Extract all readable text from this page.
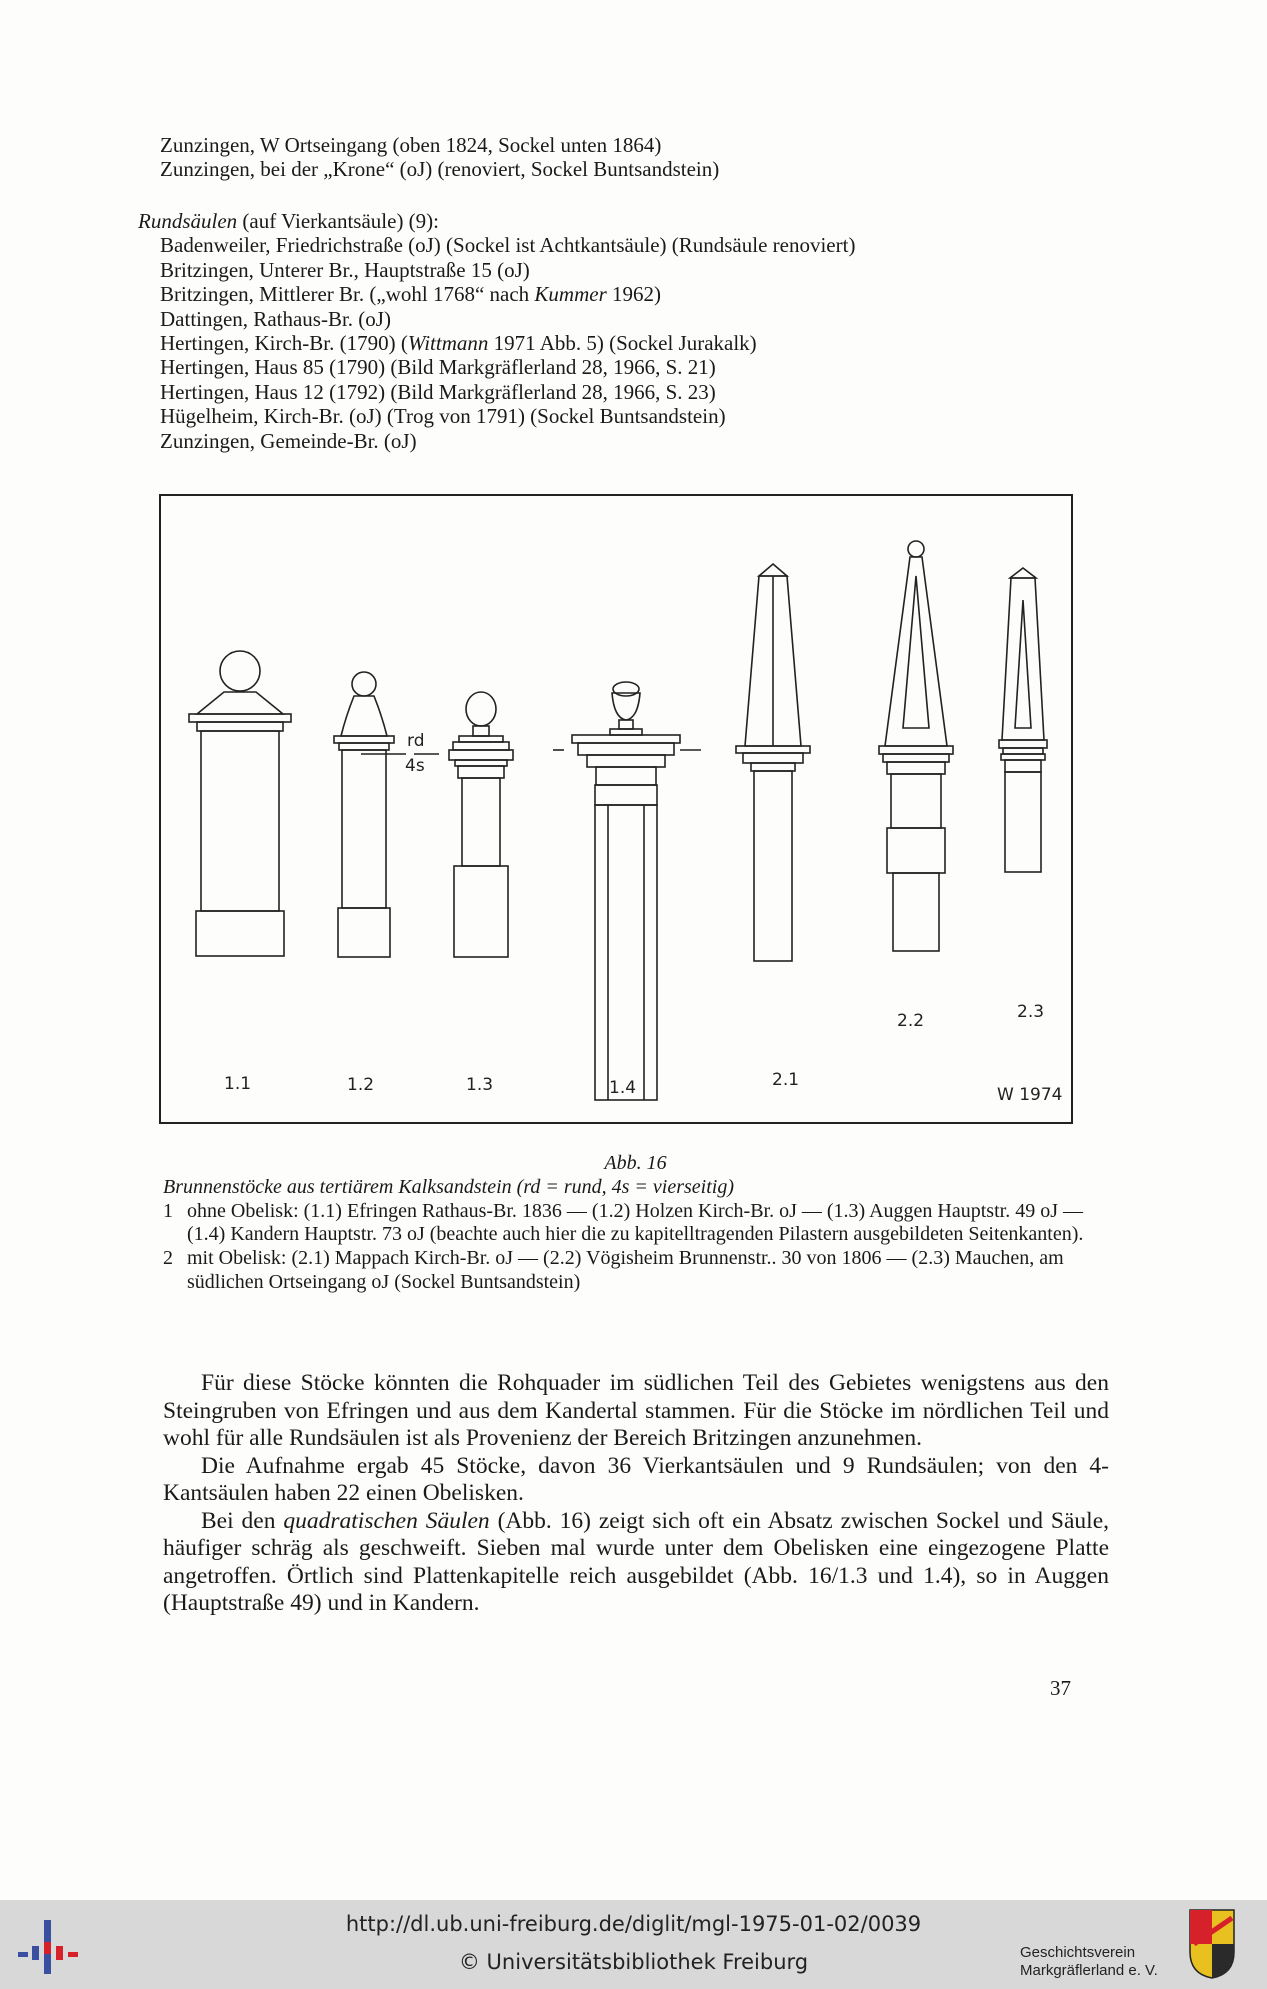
Zunzingen, W Ortseingang (oben 1824, Sockel unten 1864)
Zunzingen, bei der „Krone“ (oJ) (renoviert, Sockel Buntsandstein)
Rundsäulen (auf Vierkantsäule) (9):
Badenweiler, Friedrichstraße (oJ) (Sockel ist Achtkantsäule) (Rundsäule renoviert)
Britzingen, Unterer Br., Hauptstraße 15 (oJ)
Britzingen, Mittlerer Br. („wohl 1768“ nach Kummer 1962)
Dattingen, Rathaus-Br. (oJ)
Hertingen, Kirch-Br. (1790) (Wittmann 1971 Abb. 5) (Sockel Jurakalk)
Hertingen, Haus 85 (1790) (Bild Markgräflerland 28, 1966, S. 21)
Hertingen, Haus 12 (1792) (Bild Markgräflerland 28, 1966, S. 23)
Hügelheim, Kirch-Br. (oJ) (Trog von 1791) (Sockel Buntsandstein)
Zunzingen, Gemeinde-Br. (oJ)
rd
4s
1.1	1.2	1.3	1.4	2.1
2.2	2.3
W 1974
Abb. 16
Brunnenstöcke aus tertiärem Kalksandstein (rd = rund, 4s = vierseitig)
1 ohne Obelisk: (1.1) Efringen Rathaus-Br. 1836 — (1.2) Holzen Kirch-Br. oJ — (1.3) Auggen Hauptstr. 49 oJ — (1.4) Kandern Hauptstr. 73 oJ (beachte auch hier die zu kapitelltragenden Pilastern ausgebildeten Seitenkanten).
2 mit Obelisk: (2.1) Mappach Kirch-Br. oJ — (2.2) Vögisheim Brunnenstr.. 30 von 1806 — (2.3) Mauchen, am südlichen Ortseingang oJ (Sockel Buntsandstein)

Für diese Stöcke könnten die Rohquader im südlichen Teil des Gebietes wenigstens aus den Steingruben von Efringen und aus dem Kandertal stammen. Für die Stöcke im nördlichen Teil und wohl für alle Rundsäulen ist als Provenienz der Bereich Britzingen anzunehmen.

Die Aufnahme ergab 45 Stöcke, davon 36 Vierkantsäulen und 9 Rundsäulen; von den 4-Kantsäulen haben 22 einen Obelisken.

Bei den quadratischen Säulen (Abb. 16) zeigt sich oft ein Absatz zwischen Sockel und Säule, häufiger schräg als geschweift. Sieben mal wurde unter dem Obelisken eine eingezogene Platte angetroffen. Örtlich sind Plattenkapitelle reich ausgebildet (Abb. 16/1.3 und 1.4), so in Auggen (Hauptstraße 49) und in Kandern.

37
http://dl.ub.uni-freiburg.de/diglit/mgl-1975-01-02/0039
© Universitätsbibliothek Freiburg	Geschichtsverein
Markgräflerland e. V.
